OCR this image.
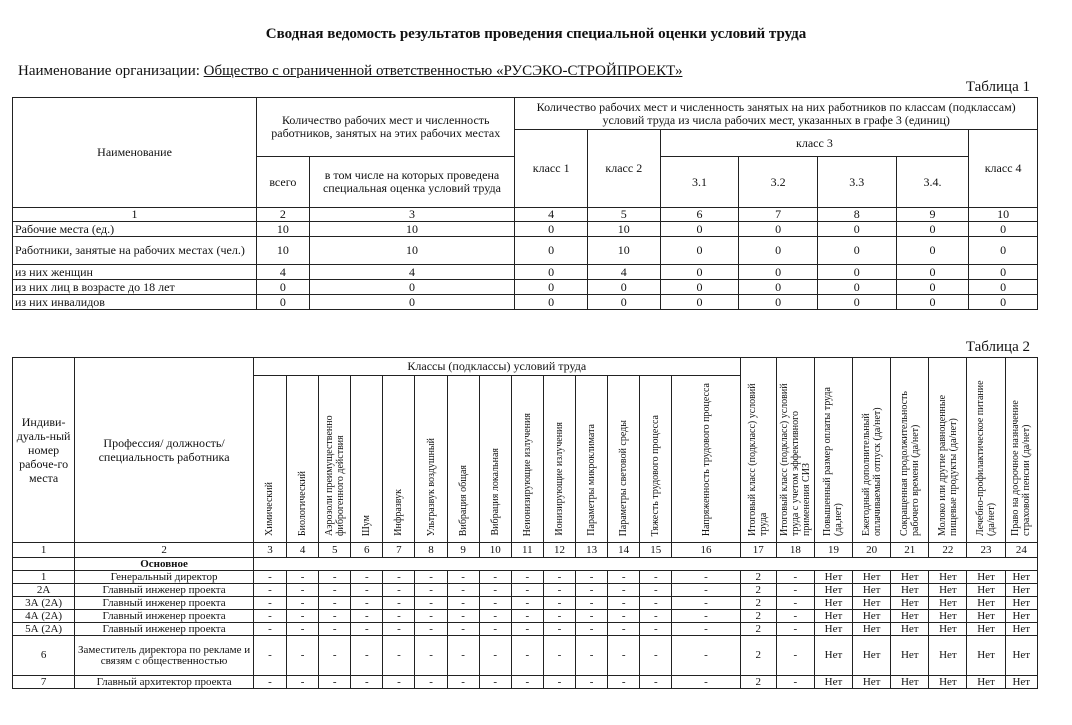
Сводная ведомость результатов проведения специальной оценки условий труда
Наименование организации: Общество с ограниченной ответственностью «РУСЭКО-СТРОЙПРОЕКТ»
Таблица 1
Наименование	Количество рабочих мест и численность работников, занятых на этих рабочих местах		Количество рабочих мест и численность занятых на них работников по классам (подклассам) условий труда из числа рабочих мест, указанных в графе 3 (единиц)						
			класс 1	класс 2	класс 3				класс 4
	всего	в том числе на которых проведена специальная оценка условий труда			3.1	3.2	3.3	3.4.	
1	2	3	4	5	6	7	8	9	10
Рабочие места (ед.)	10	10	0	10	0	0	0	0	0
Работники, занятые на рабочих местах (чел.)	10	10	0	10	0	0	0	0	0
из них женщин	4	4	0	4	0	0	0	0	0
из них лиц в возрасте до 18 лет	0	0	0	0	0	0	0	0	0
из них инвалидов	0	0	0	0	0	0	0	0	0
Таблица 2
Индиви-дуаль-ный номер рабоче-го места	Профессия/ должность/ специальность работника	Классы (подклассы) условий труда														Итоговый класс (подкласс) условий труда	Итоговый класс (подкласс) условий труда с учетом эффективного применения СИЗ	Повышенный размер оплаты труда (да,нет)	Ежегодный дополнительный оплачиваемый отпуск (да/нет)	Сокращенная продолжительность рабочего времени (да/нет)	Молоко или другие равноценные пищевые продукты (да/нет)	Лечебно-профилактическое питание (да/нет)	Право на досрочное назначение страховой пенсии (да/нет)
		Химический	Биологический	Аэрозоли преимущественно фиброгенного действия	Шум	Инфразвук	Ультразвук воздушный	Вибрация общая	Вибрация локальная	Неионизирующие излучения	Ионизирующие излучения	Параметры микроклимата	Параметры световой среды	Тяжесть трудового процесса	Напряженность трудового процесса								
1	2	3	4	5	6	7	8	9	10	11	12	13	14	15	16	17	18	19	20	21	22	23	24
	Основное																						
1	Генеральный директор	-	-	-	-	-	-	-	-	-	-	-	-	-	-	2	-	Нет	Нет	Нет	Нет	Нет	Нет
2А	Главный инженер проекта	-	-	-	-	-	-	-	-	-	-	-	-	-	-	2	-	Нет	Нет	Нет	Нет	Нет	Нет
3А (2А)	Главный инженер проекта	-	-	-	-	-	-	-	-	-	-	-	-	-	-	2	-	Нет	Нет	Нет	Нет	Нет	Нет
4А (2А)	Главный инженер проекта	-	-	-	-	-	-	-	-	-	-	-	-	-	-	2	-	Нет	Нет	Нет	Нет	Нет	Нет
5А (2А)	Главный инженер проекта	-	-	-	-	-	-	-	-	-	-	-	-	-	-	2	-	Нет	Нет	Нет	Нет	Нет	Нет
6	Заместитель директора по рекламе и связям с общественностью	-	-	-	-	-	-	-	-	-	-	-	-	-	-	2	-	Нет	Нет	Нет	Нет	Нет	Нет
7	Главный архитектор проекта	-	-	-	-	-	-	-	-	-	-	-	-	-	-	2	-	Нет	Нет	Нет	Нет	Нет	Нет
